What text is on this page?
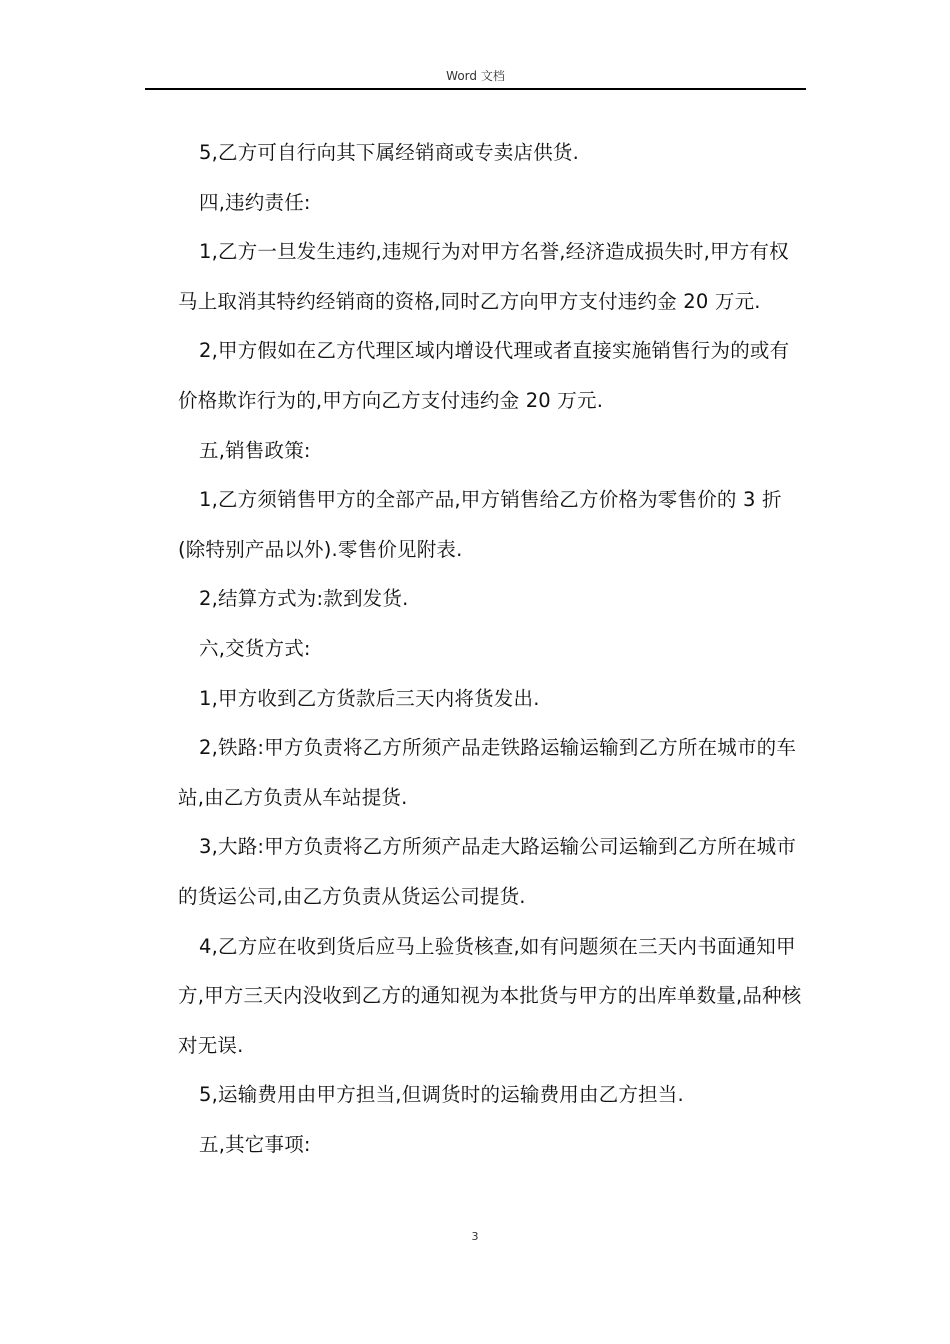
Word 文档

5,乙方可自行向其下属经销商或专卖店供货.

四,违约责任:

1,乙方一旦发生违约,违规行为对甲方名誉,经济造成损失时,甲方有权马上取消其特约经销商的资格,同时乙方向甲方支付违约金 20 万元.

2,甲方假如在乙方代理区域内增设代理或者直接实施销售行为的或有价格欺诈行为的,甲方向乙方支付违约金 20 万元.

五,销售政策:

1,乙方须销售甲方的全部产品,甲方销售给乙方价格为零售价的 3 折(除特别产品以外).零售价见附表.

2,结算方式为:款到发货.

六,交货方式:

1,甲方收到乙方货款后三天内将货发出.

2,铁路:甲方负责将乙方所须产品走铁路运输运输到乙方所在城市的车站,由乙方负责从车站提货.

3,大路:甲方负责将乙方所须产品走大路运输公司运输到乙方所在城市的货运公司,由乙方负责从货运公司提货.

4,乙方应在收到货后应马上验货核查,如有问题须在三天内书面通知甲方,甲方三天内没收到乙方的通知视为本批货与甲方的出库单数量,品种核对无误.

5,运输费用由甲方担当,但调货时的运输费用由乙方担当.

五,其它事项:

3
